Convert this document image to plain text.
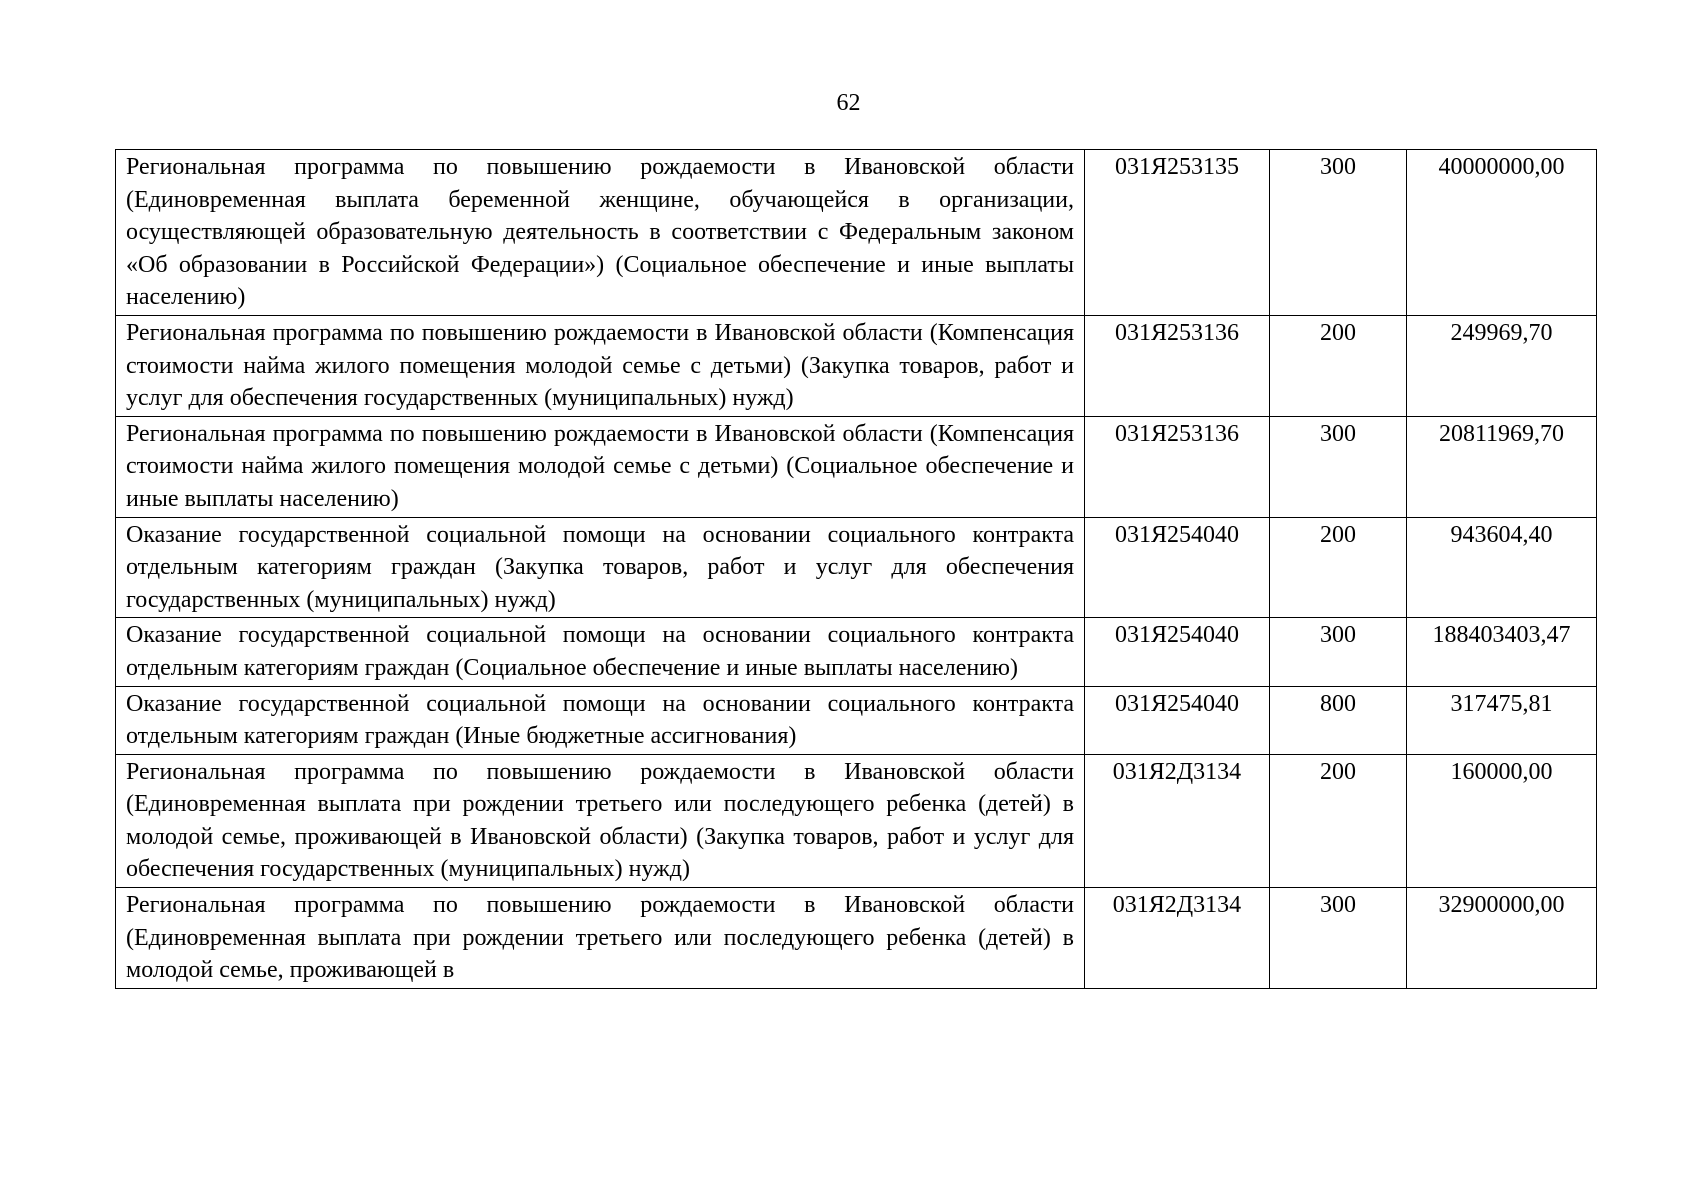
62
Региональная программа по повышению рождаемости в Ивановской области (Единовременная выплата беременной женщине, обучающейся в организации, осуществляющей образовательную деятельность в соответствии с Федеральным законом «Об образовании в Российской Федерации») (Социальное обеспечение и иные выплаты населению)	031Я253135	300	40000000,00
Региональная программа по повышению рождаемости в Ивановской области (Компенсация стоимости найма жилого помещения молодой семье с детьми) (Закупка товаров, работ и услуг для обеспечения государственных (муниципальных) нужд)	031Я253136	200	249969,70
Региональная программа по повышению рождаемости в Ивановской области (Компенсация стоимости найма жилого помещения молодой семье с детьми) (Социальное обеспечение и иные выплаты населению)	031Я253136	300	20811969,70
Оказание государственной социальной помощи на основании социального контракта отдельным категориям граждан (Закупка товаров, работ и услуг для обеспечения государственных (муниципальных) нужд)	031Я254040	200	943604,40
Оказание государственной социальной помощи на основании социального контракта отдельным категориям граждан (Социальное обеспечение и иные выплаты населению)	031Я254040	300	188403403,47
Оказание государственной социальной помощи на основании социального контракта отдельным категориям граждан (Иные бюджетные ассигнования)	031Я254040	800	317475,81
Региональная программа по повышению рождаемости в Ивановской области (Единовременная выплата при рождении третьего или последующего ребенка (детей) в молодой семье, проживающей в Ивановской области) (Закупка товаров, работ и услуг для обеспечения государственных (муниципальных) нужд)	031Я2Д3134	200	160000,00
Региональная программа по повышению рождаемости в Ивановской области (Единовременная выплата при рождении третьего или последующего ребенка (детей) в молодой семье, проживающей в	031Я2Д3134	300	32900000,00
